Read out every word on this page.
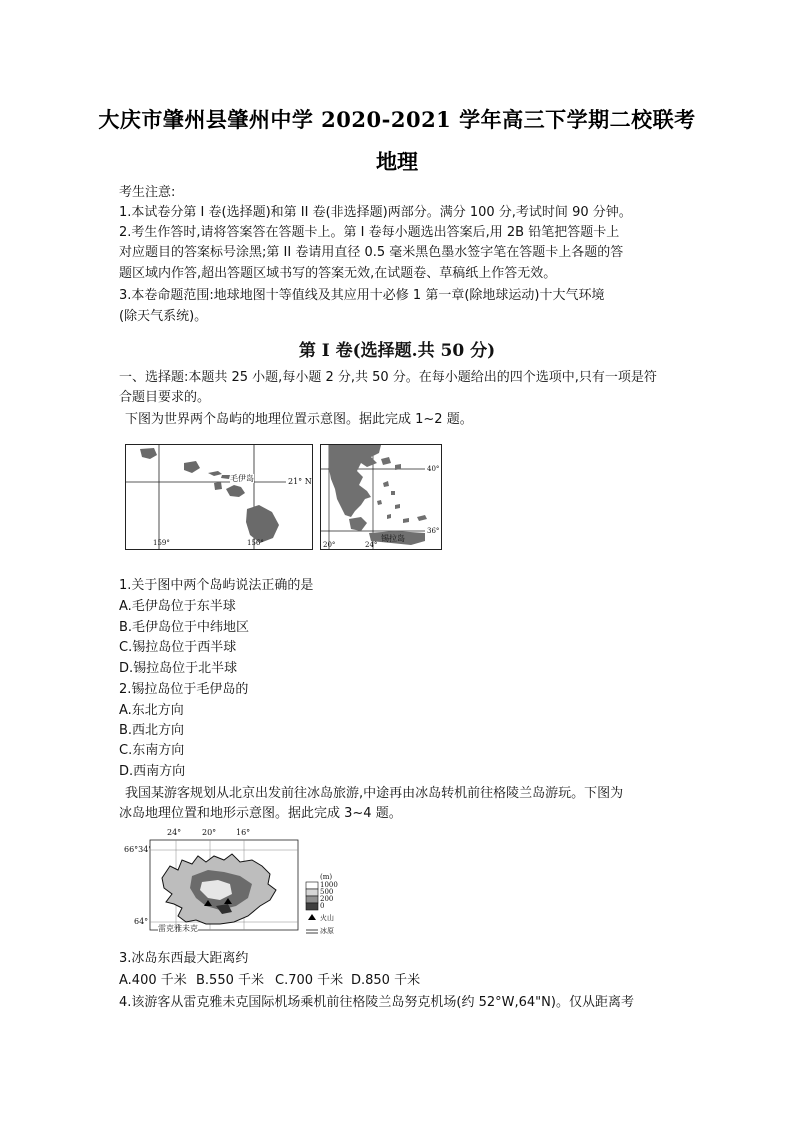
大庆市肇州县肇州中学 2020-2021 学年高三下学期二校联考
地理
考生注意:
1.本试卷分第 I 卷(选择题)和第 II 卷(非选择题)两部分。满分 100 分,考试时间 90 分钟。
2.考生作答时,请将答案答在答题卡上。第 I 卷每小题选出答案后,用 2B 铅笔把答题卡上
对应题目的答案标号涂黑;第 II 卷请用直径 0.5 毫米黑色墨水签字笔在答题卡上各题的答
题区域内作答,超出答题区域书写的答案无效,在试题卷、草稿纸上作答无效。
3.本卷命题范围:地球地图十等值线及其应用十必修 1 第一章(除地球运动)十大气环境
(除天气系统)。
第 I 卷(选择题.共 50 分)
一、选择题:本题共 25 小题,每小题 2 分,共 50 分。在每小题给出的四个选项中,只有一项是符
合题目要求的。
下图为世界两个岛屿的地理位置示意图。据此完成 1~2 题。
毛伊岛	21° N
159°	156°	锡拉岛
40°
36°
20°	24°
1.关于图中两个岛屿说法正确的是
A.毛伊岛位于东半球
B.毛伊岛位于中纬地区
C.锡拉岛位于西半球
D.锡拉岛位于北半球
2.锡拉岛位于毛伊岛的
A.东北方向
B.西北方向
C.东南方向
D.西南方向
我国某游客规划从北京出发前往冰岛旅游,中途再由冰岛转机前往格陵兰岛游玩。下图为
冰岛地理位置和地形示意图。据此完成 3~4 题。
24°	20° 16°
66°34'
64°
雷克雅未克
(m)
1000
500
200
0
火山
冰原
3.冰岛东西最大距离约
A.400 千米 B.550 千米 C.700 千米 D.850 千米
4.该游客从雷克雅未克国际机场乘机前往格陵兰岛努克机场(约 52°W,64"N)。仅从距离考
